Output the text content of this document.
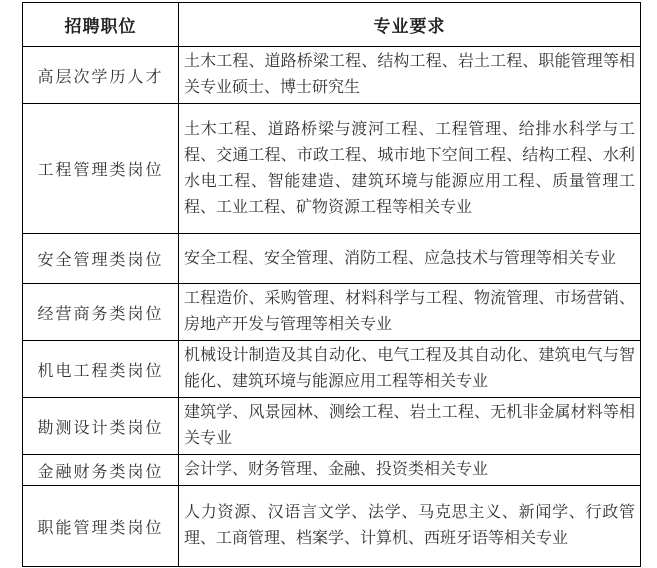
招聘职位	专业要求
高层次学历人才	土木工程、道路桥梁工程、结构工程、岩土工程、职能管理等相关专业硕士、博士研究生
工程管理类岗位	土木工程、道路桥梁与渡河工程、工程管理、给排水科学与工程、交通工程、市政工程、城市地下空间工程、结构工程、水利水电工程、智能建造、建筑环境与能源应用工程、质量管理工程、工业工程、矿物资源工程等相关专业
安全管理类岗位	安全工程、安全管理、消防工程、应急技术与管理等相关专业
经营商务类岗位	工程造价、采购管理、材料科学与工程、物流管理、市场营销、房地产开发与管理等相关专业
机电工程类岗位	机械设计制造及其自动化、电气工程及其自动化、建筑电气与智能化、建筑环境与能源应用工程等相关专业
勘测设计类岗位	建筑学、风景园林、测绘工程、岩土工程、无机非金属材料等相关专业
金融财务类岗位	会计学、财务管理、金融、投资类相关专业
职能管理类岗位	人力资源、汉语言文学、法学、马克思主义、新闻学、行政管理、工商管理、档案学、计算机、西班牙语等相关专业
